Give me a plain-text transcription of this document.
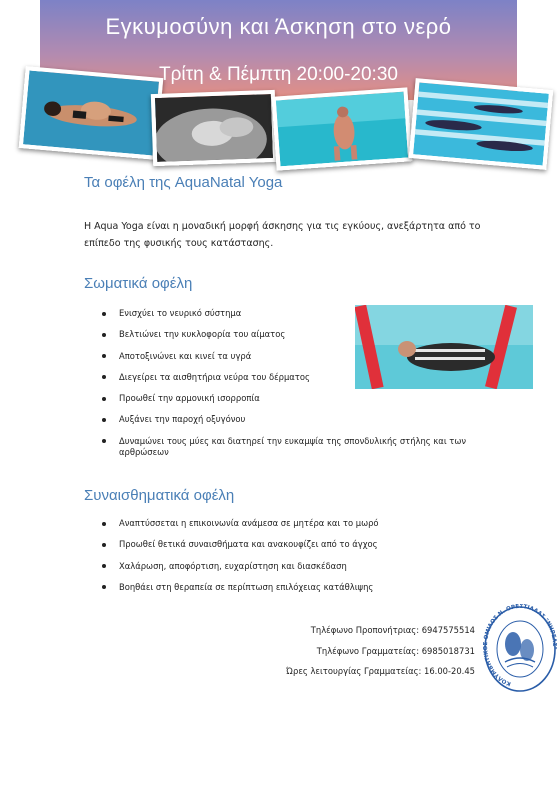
Εγκυμοσύνη και Άσκηση στο νερό
Τρίτη & Πέμπτη 20:00-20:30
Τα οφέλη της AquaNatal Yoga
Η Aqua Yoga είναι η μοναδική μορφή άσκησης για τις εγκύους, ανεξάρτητα από το επίπεδο της φυσικής τους κατάστασης.
Σωματικά οφέλη
Ενισχύει το νευρικό σύστημα
Βελτιώνει την κυκλοφορία του αίματος
Αποτοξινώνει και κινεί τα υγρά
Διεγείρει τα αισθητήρια νεύρα του δέρματος
Προωθεί την αρμονική ισορροπία
Αυξάνει την παροχή οξυγόνου
Δυναμώνει τους μύες και διατηρεί την ευκαμψία της σπονδυλικής στήλης και των αρθρώσεων
Συναισθηματικά οφέλη
Αναπτύσσεται η επικοινωνία ανάμεσα σε μητέρα και το μωρό
Προωθεί θετικά συναισθήματα και ανακουφίζει από το άγχος
Χαλάρωση, αποφόρτιση, ευχαρίστηση και διασκέδαση
Βοηθάει στη θεραπεία σε περίπτωση επιλόχειας κατάθλιψης
Τηλέφωνο Προπονήτριας: 6947575514
Τηλέφωνο Γραμματείας: 6985018731
Ώρες λειτουργίας Γραμματείας: 16.00-20.45
ΚΟΛΥΜΒΗΤΙΚΟΣ ΟΜΙΛΟΣ Ν. ΟΡΕΣΤΙΑΔΑΣ "ΝΗΡΕΑΣ"
